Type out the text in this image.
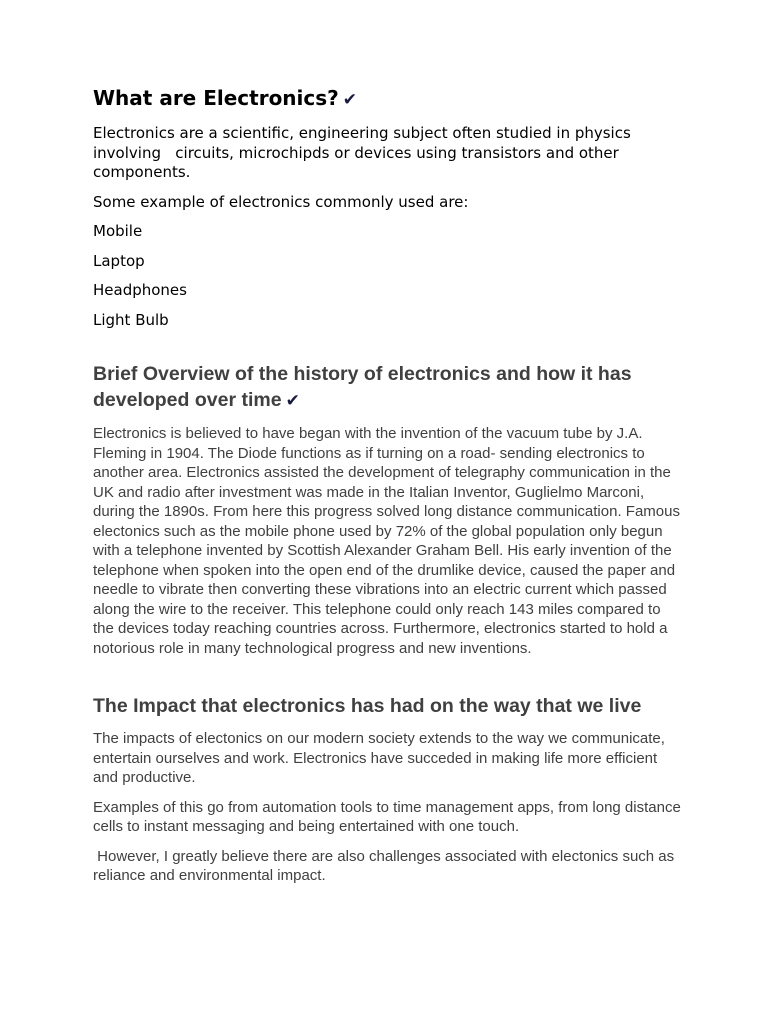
What are Electronics? ✔

Electronics are a scientific, engineering subject often studied in physics involving   circuits, microchipds or devices using transistors and other components.

Some example of electronics commonly used are:

Mobile
Laptop
Headphones
Light Bulb
Brief Overview of the history of electronics and how it has developed over time ✔

Electronics is believed to have began with the invention of the vacuum tube by J.A. Fleming in 1904. The Diode functions as if turning on a road- sending electronics to another area. Electronics assisted the development of telegraphy communication in the UK and radio after investment was made in the Italian Inventor, Guglielmo Marconi, during the 1890s. From here this progress solved long distance communication. Famous electonics such as the mobile phone used by 72% of the global population only begun with a telephone invented by Scottish Alexander Graham Bell. His early invention of the telephone when spoken into the open end of the drumlike device, caused the paper and needle to vibrate then converting these vibrations into an electric current which passed along the wire to the receiver. This telephone could only reach 143 miles compared to the devices today reaching countries across. Furthermore, electronics started to hold a notorious role in many technological progress and new inventions.

The Impact that electronics has had on the way that we live

The impacts of electonics on our modern society extends to the way we communicate, entertain ourselves and work. Electronics have succeded in making life more efficient and productive.

Examples of this go from automation tools to time management apps, from long distance cells to instant messaging and being entertained with one touch.

However, I greatly believe there are also challenges associated with electonics such as reliance and environmental impact.
